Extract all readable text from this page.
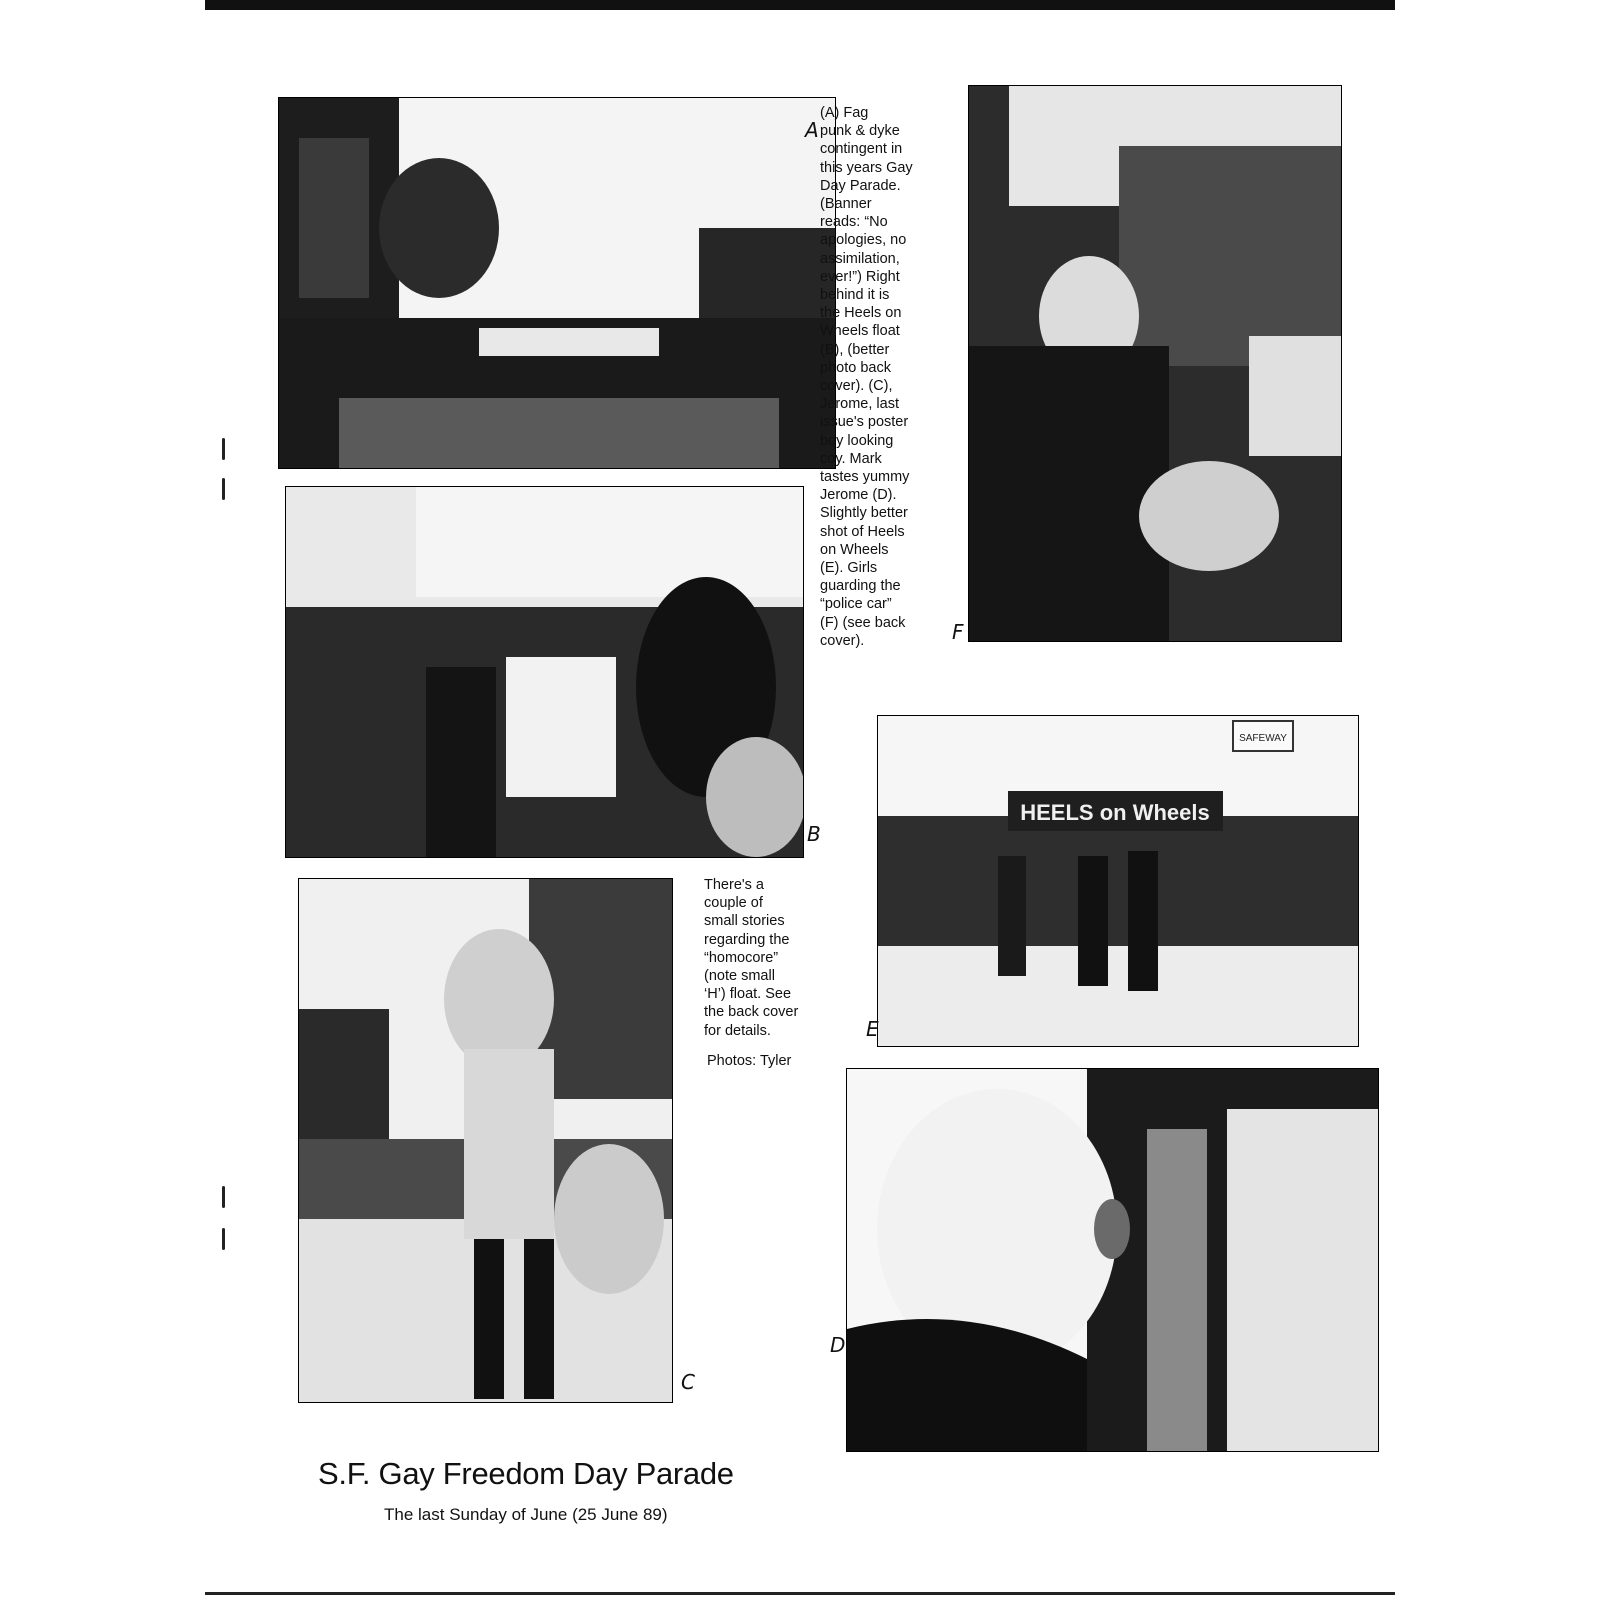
A
F
(A) Fag
punk & dyke
contingent in
this years Gay
Day Parade.
(Banner
reads: “No
apologies, no
assimilation,
ever!”) Right
behind it is
the Heels on
Wheels float
(B), (better
photo back
cover). (C),
Jerome, last
issue's poster
boy looking
coy. Mark
tastes yummy
Jerome (D).
Slightly better
shot of Heels
on Wheels
(E). Girls
guarding the
“police car”
(F) (see back
cover).
B
HEELS on Wheels
SAFEWAY
E
There's a
couple of
small stories
regarding the
“homocore”
(note small
‘H’) float. See
the back cover
for details.
Photos: Tyler
C
D
S.F. Gay Freedom Day Parade
The last Sunday of June (25 June 89)
